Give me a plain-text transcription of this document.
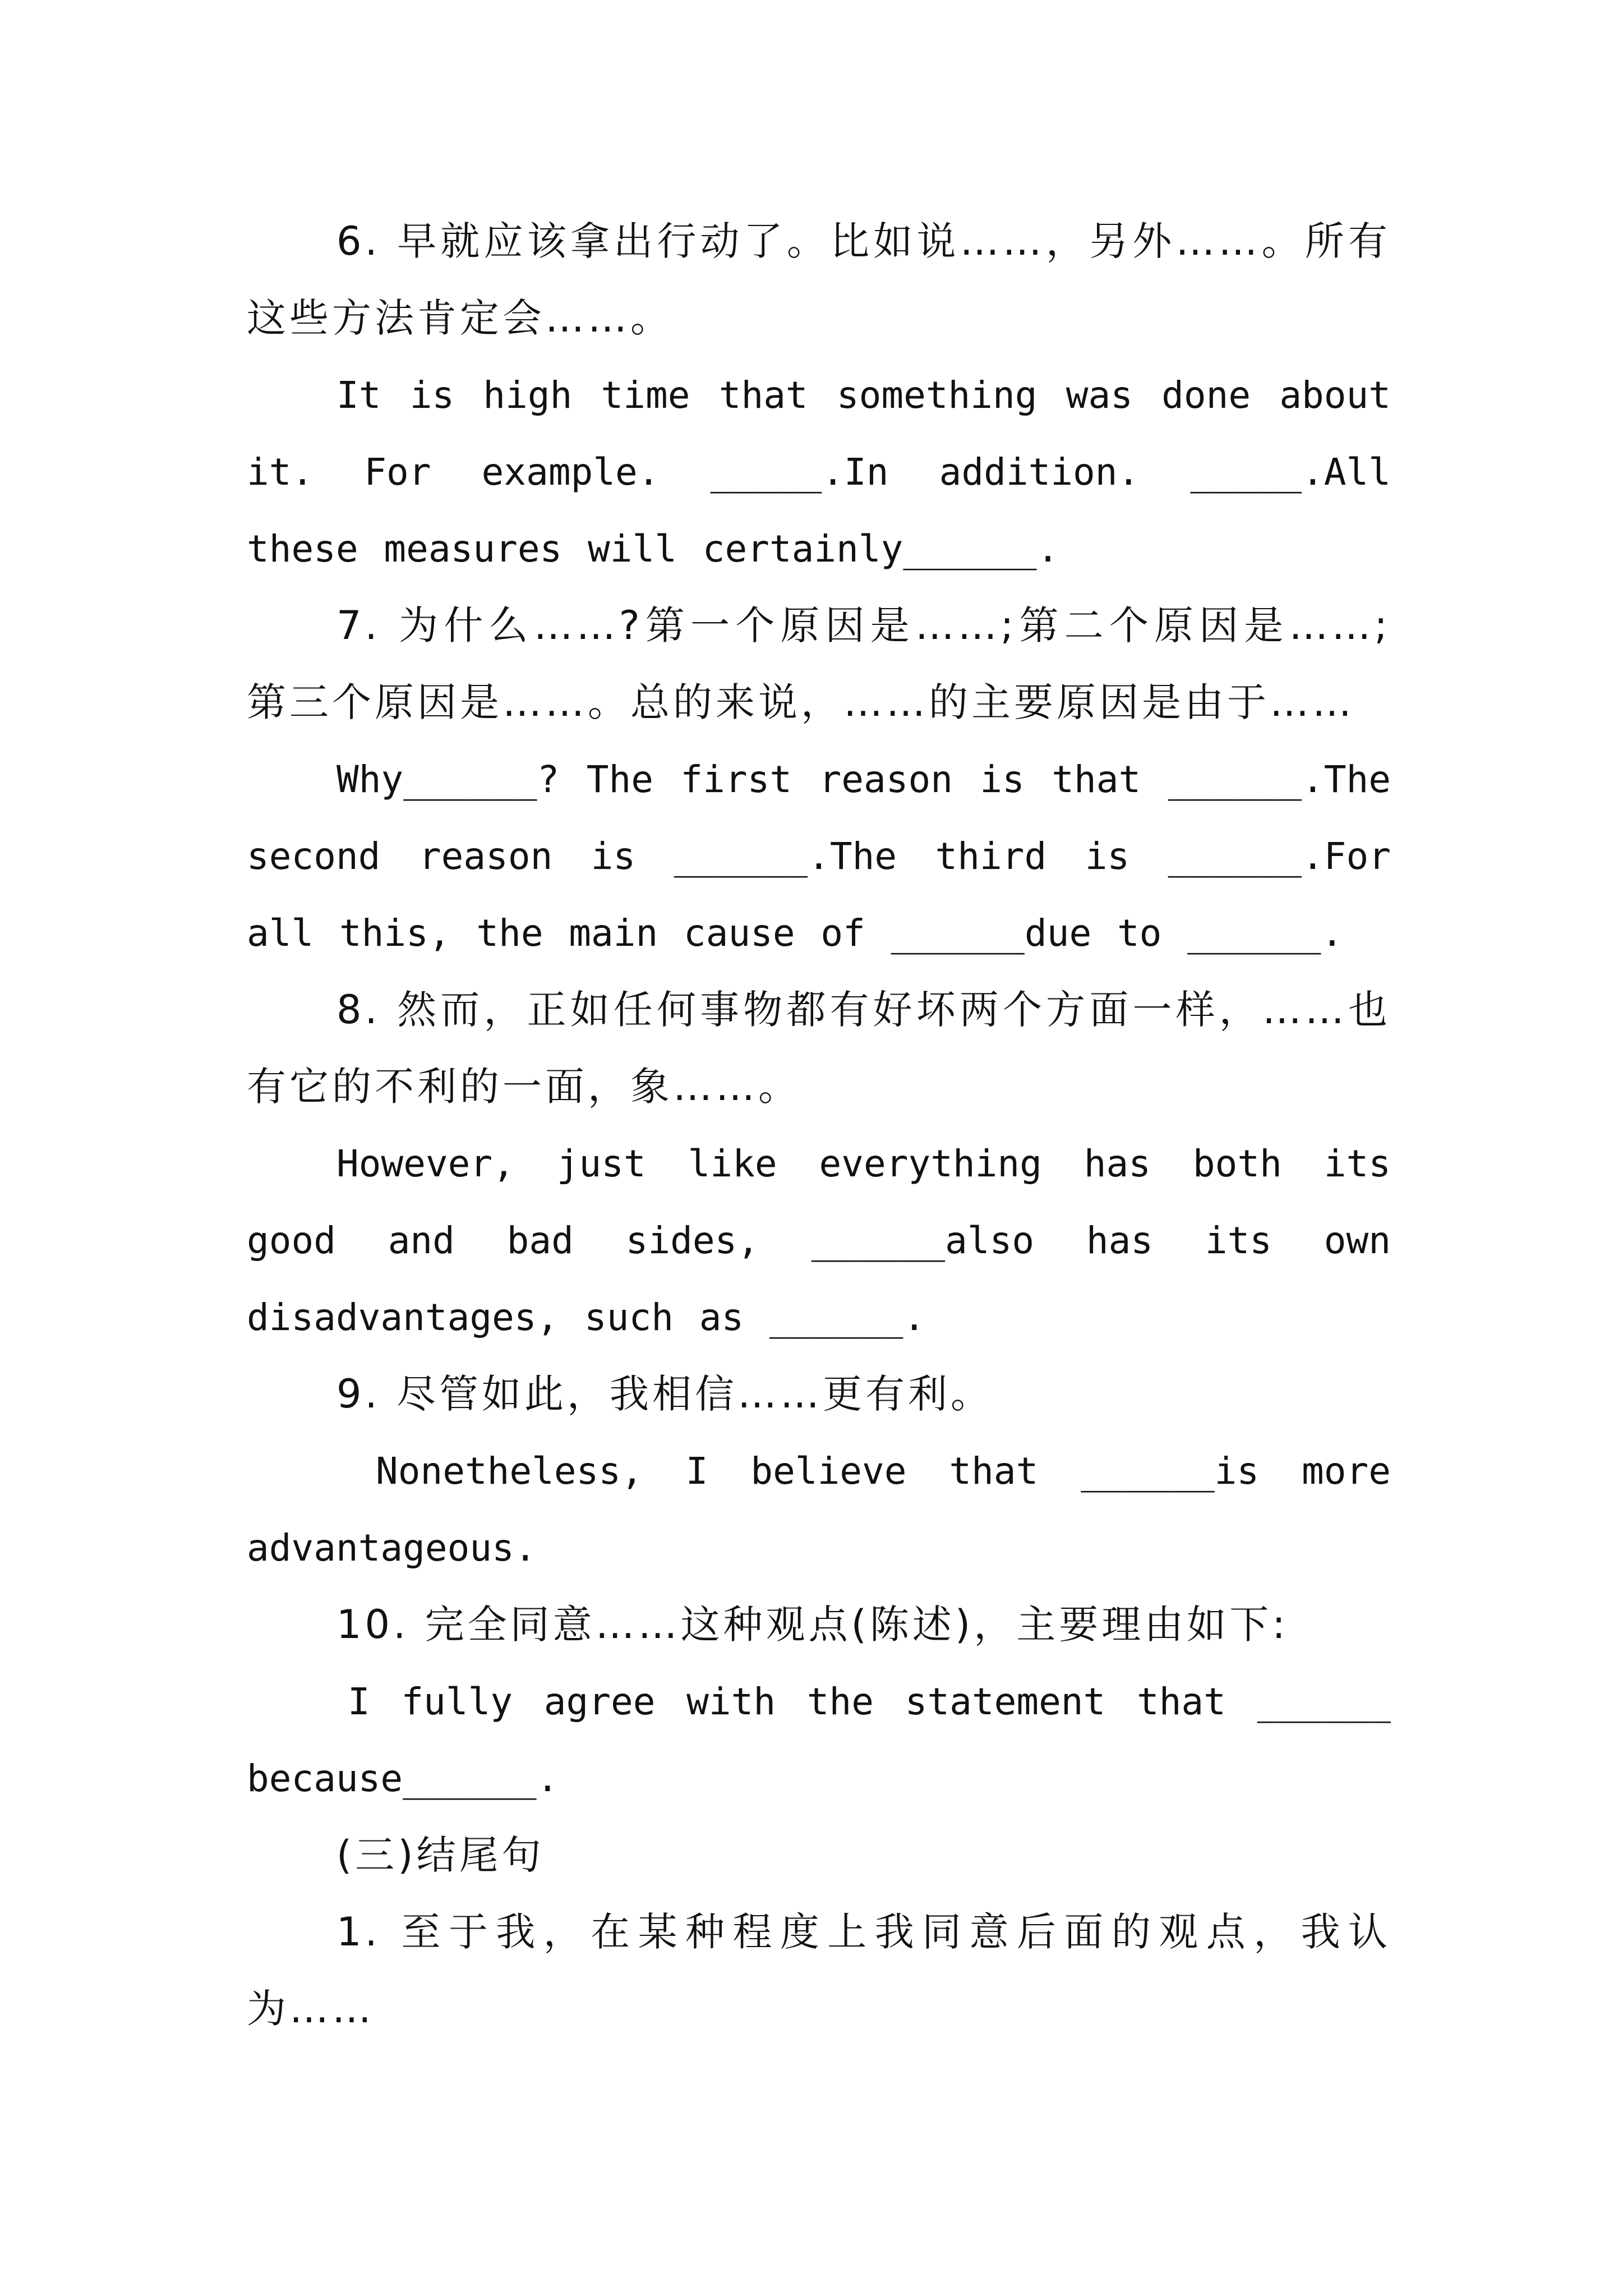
6. 早就应该拿出行动了。比如说……，另外……。所有这些方法肯定会……。

It is high time that something was done about it. For example. _____.In addition. _____.All these measures will certainly______.

7. 为什么……?第一个原因是……;第二个原因是……;第三个原因是……。总的来说，……的主要原因是由于……

Why______? The first reason is that ______.The second reason is ______.The third is ______.For all this, the main cause of ______due to ______.

8. 然而，正如任何事物都有好坏两个方面一样，……也有它的不利的一面，象……。

However, just like everything has both its good and bad sides, ______also has its own disadvantages, such as ______.

9. 尽管如此，我相信……更有利。

Nonetheless, I believe that ______is more advantageous.

10. 完全同意……这种观点(陈述)，主要理由如下:

I fully agree with the statement that ______ because______.

(三)结尾句

1. 至于我，在某种程度上我同意后面的观点，我认为……
